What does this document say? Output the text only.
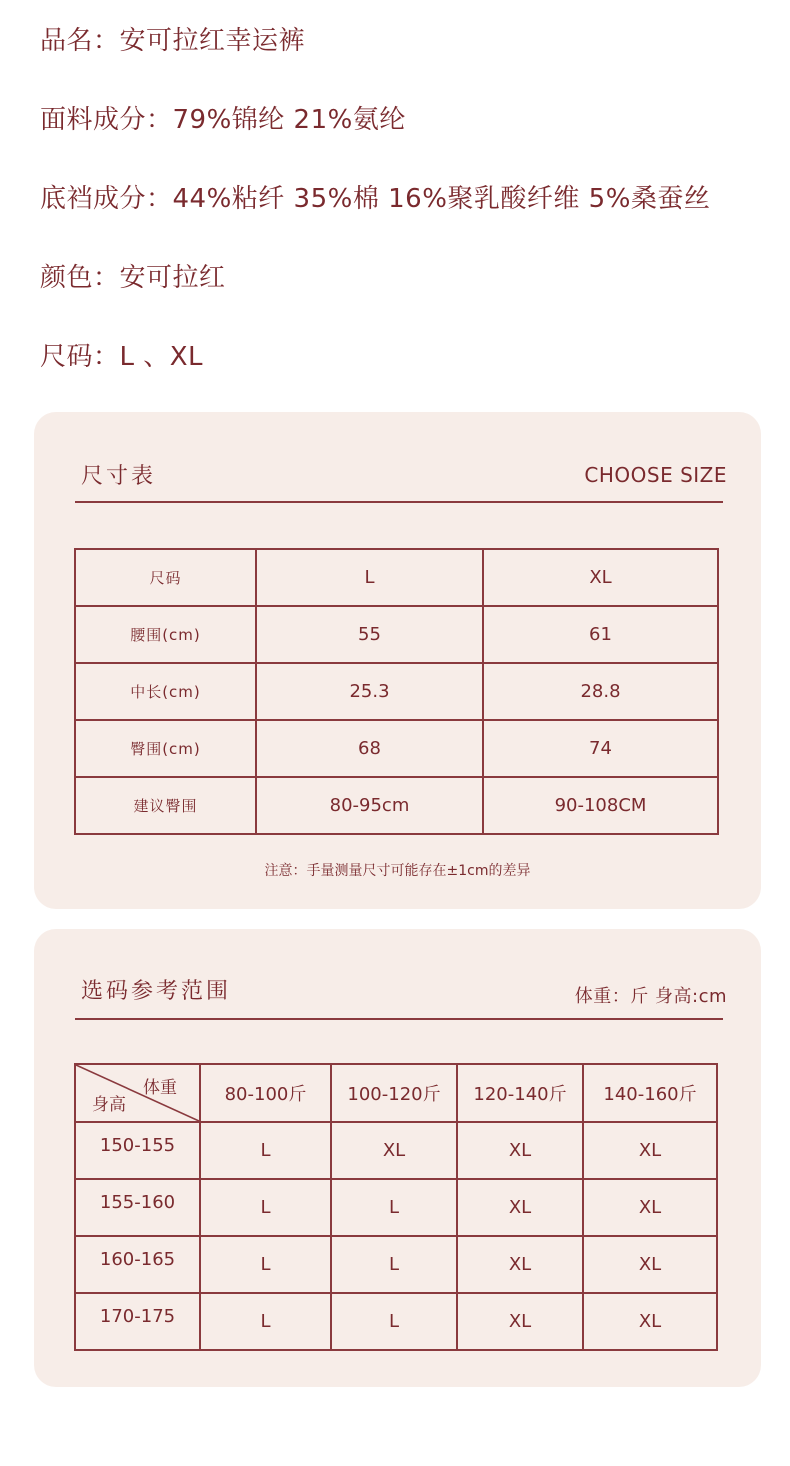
品名：安可拉红幸运裤
面料成分：79%锦纶 21%氨纶
底裆成分：44%粘纤 35%棉 16%聚乳酸纤维 5%桑蚕丝
颜色：安可拉红
尺码：L 、XL
尺寸表	CHOOSE SIZE
尺码	L	XL
腰围(cm)	55	61
中长(cm)	25.3	28.8
臀围(cm)	68	74
建议臀围	80-95cm	90-108CM
注意：手量测量尺寸可能存在±1cm的差异
选码参考范围	体重：斤 身高:cm
体重
身高	80-100斤	100-120斤	120-140斤	140-160斤
150-155	L	XL	XL	XL
155-160	L	L	XL	XL
160-165	L	L	XL	XL
170-175	L	L	XL	XL
